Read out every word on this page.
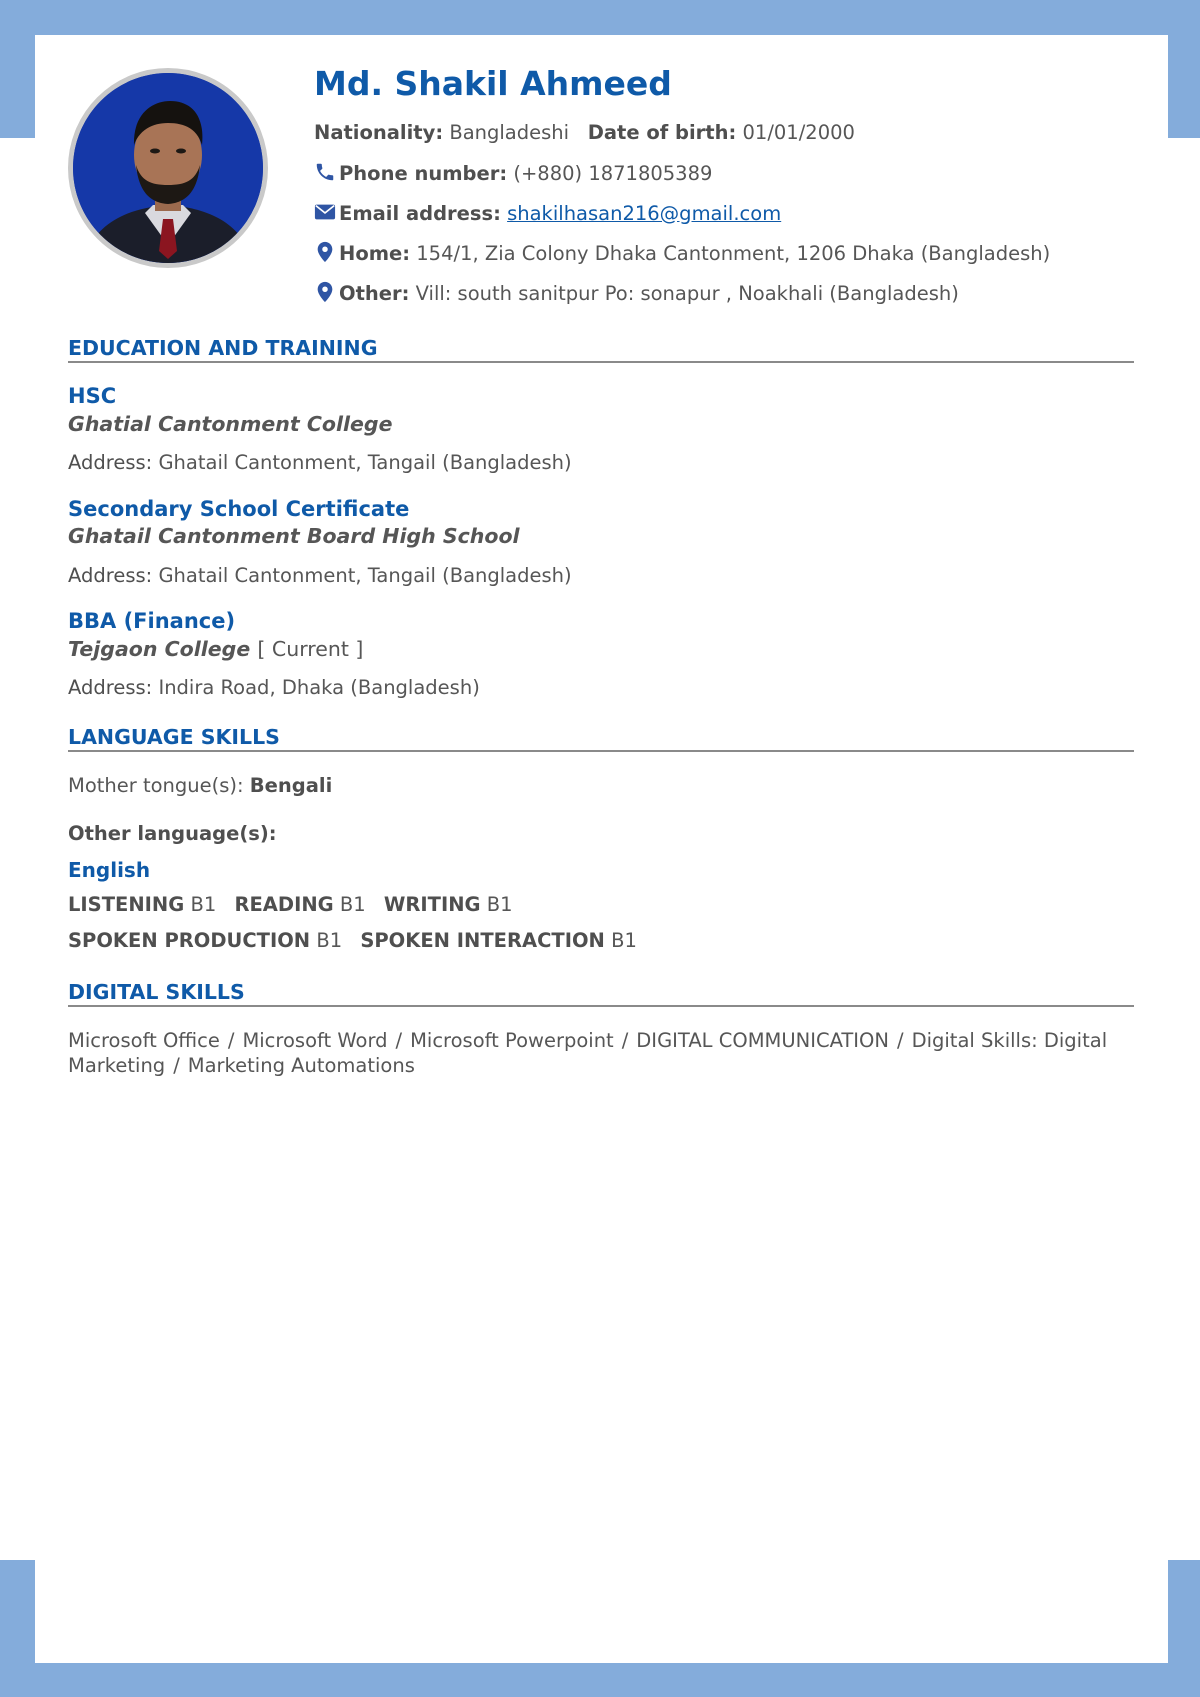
Md. Shakil Ahmeed
Nationality: Bangladeshi Date of birth: 01/01/2000
Phone number: (+880) 1871805389
Email address: shakilhasan216@gmail.com
Home: 154/1, Zia Colony Dhaka Cantonment, 1206 Dhaka (Bangladesh)
Other: Vill: south sanitpur Po: sonapur , Noakhali (Bangladesh)
EDUCATION AND TRAINING
HSC
Ghatial Cantonment College
Address: Ghatail Cantonment, Tangail (Bangladesh)
Secondary School Certificate
Ghatail Cantonment Board High School
Address: Ghatail Cantonment, Tangail (Bangladesh)
BBA (Finance)
Tejgaon College [ Current ]
Address: Indira Road, Dhaka (Bangladesh)
LANGUAGE SKILLS
Mother tongue(s): Bengali
Other language(s):
English
LISTENING B1 READING B1 WRITING B1
SPOKEN PRODUCTION B1 SPOKEN INTERACTION B1
DIGITAL SKILLS
Microsoft Office / Microsoft Word / Microsoft Powerpoint / DIGITAL COMMUNICATION / Digital Skills: Digital Marketing / Marketing Automations
